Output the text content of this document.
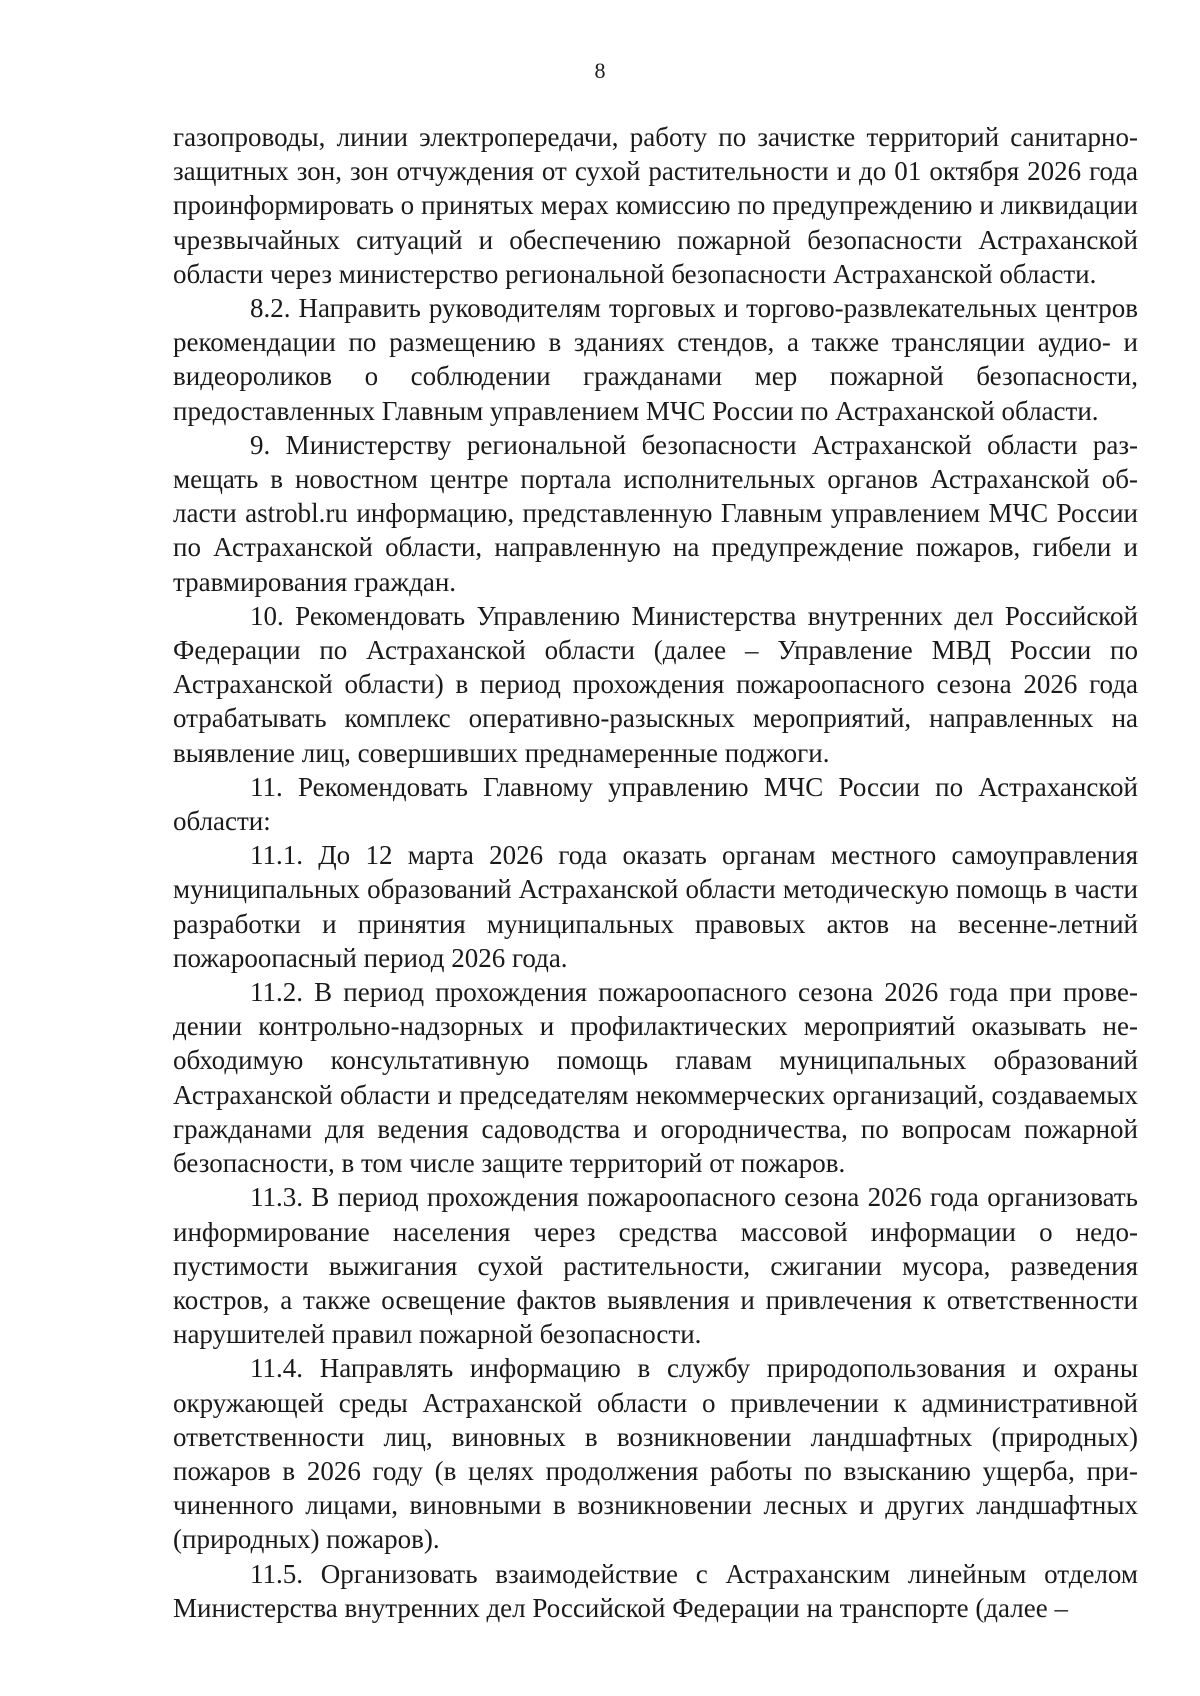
8

газопроводы, линии электропередачи, работу по зачистке территорий санитарно-защитных зон, зон отчуждения от сухой растительности и до 01 октября 2026 года проинформировать о принятых мерах комиссию по предупреждению и ликвидации чрезвычайных ситуаций и обеспечению пожарной безопасности Астраханской области через министерство региональной безопасности Астраханской области.

8.2. Направить руководителям торговых и торгово-развлекательных центров рекомендации по размещению в зданиях стендов, а также трансляции аудио- и видеороликов о соблюдении гражданами мер пожарной безопасности, предоставленных Главным управлением МЧС России по Астраханской области.

9. Министерству региональной безопасности Астраханской области размещать в новостном центре портала исполнительных органов Астраханской области astrobl.ru информацию, представленную Главным управлением МЧС России по Астраханской области, направленную на предупреждение пожаров, гибели и травмирования граждан.

10. Рекомендовать Управлению Министерства внутренних дел Российской Федерации по Астраханской области (далее – Управление МВД России по Астраханской области) в период прохождения пожароопасного сезона 2026 года отрабатывать комплекс оперативно-разыскных мероприятий, направленных на выявление лиц, совершивших преднамеренные поджоги.

11. Рекомендовать Главному управлению МЧС России по Астраханской области:

11.1. До 12 марта 2026 года оказать органам местного самоуправления муниципальных образований Астраханской области методическую помощь в части разработки и принятия муниципальных правовых актов на весенне-летний пожароопасный период 2026 года.

11.2. В период прохождения пожароопасного сезона 2026 года при проведении контрольно-надзорных и профилактических мероприятий оказывать необходимую консультативную помощь главам муниципальных образований Астраханской области и председателям некоммерческих организаций, создаваемых гражданами для ведения садоводства и огородничества, по вопросам пожарной безопасности, в том числе защите территорий от пожаров.

11.3. В период прохождения пожароопасного сезона 2026 года организовать информирование населения через средства массовой информации о недопустимости выжигания сухой растительности, сжигании мусора, разведения костров, а также освещение фактов выявления и привлечения к ответственности нарушителей правил пожарной безопасности.

11.4. Направлять информацию в службу природопользования и охраны окружающей среды Астраханской области о привлечении к административной ответственности лиц, виновных в возникновении ландшафтных (природных) пожаров в 2026 году (в целях продолжения работы по взысканию ущерба, причиненного лицами, виновными в возникновении лесных и других ландшафтных (природных) пожаров).

11.5. Организовать взаимодействие с Астраханским линейным отделом Министерства внутренних дел Российской Федерации на транспорте (далее –
